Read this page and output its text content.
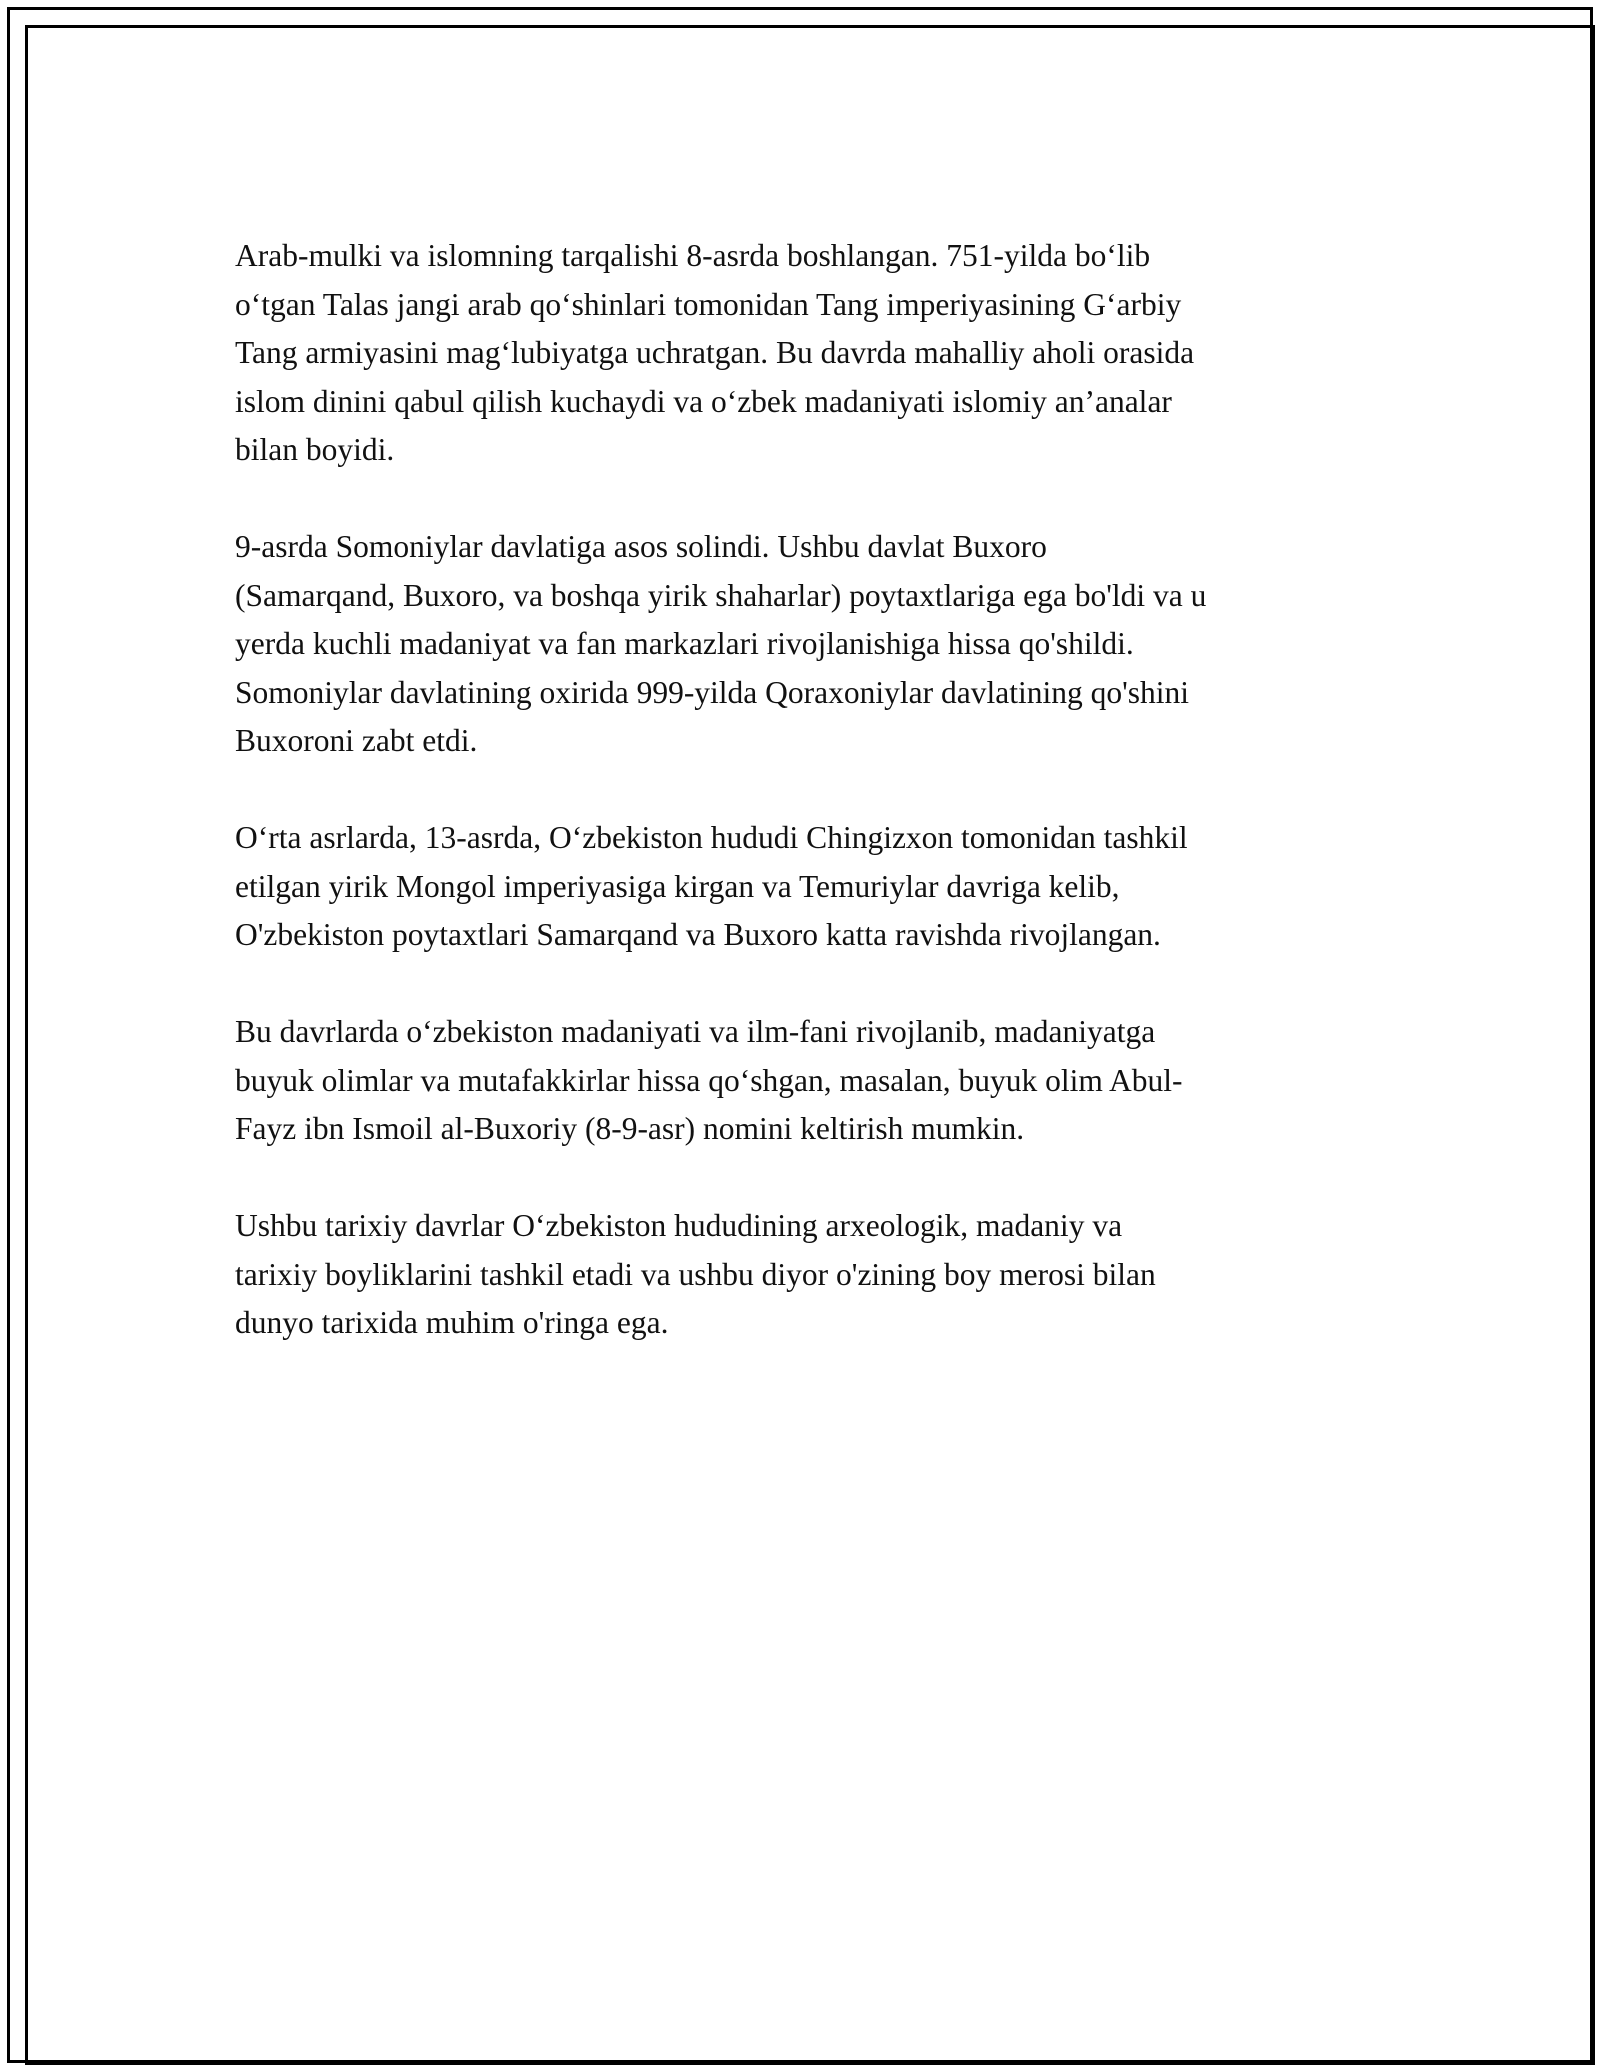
Arab-mulki va islomning tarqalishi 8-asrda boshlangan. 751-yilda bo‘lib
o‘tgan Talas jangi arab qo‘shinlari tomonidan Tang imperiyasining G‘arbiy
Tang armiyasini mag‘lubiyatga uchratgan. Bu davrda mahalliy aholi orasida
islom dinini qabul qilish kuchaydi va o‘zbek madaniyati islomiy an’analar
bilan boyidi.

9-asrda Somoniylar davlatiga asos solindi. Ushbu davlat Buxoro
(Samarqand, Buxoro, va boshqa yirik shaharlar) poytaxtlariga ega bo'ldi va u
yerda kuchli madaniyat va fan markazlari rivojlanishiga hissa qo'shildi.
Somoniylar davlatining oxirida 999-yilda Qoraxoniylar davlatining qo'shini
Buxoroni zabt etdi.

O‘rta asrlarda, 13-asrda, O‘zbekiston hududi Chingizxon tomonidan tashkil
etilgan yirik Mongol imperiyasiga kirgan va Temuriylar davriga kelib,
O'zbekiston poytaxtlari Samarqand va Buxoro katta ravishda rivojlangan.

Bu davrlarda o‘zbekiston madaniyati va ilm-fani rivojlanib, madaniyatga
buyuk olimlar va mutafakkirlar hissa qo‘shgan, masalan, buyuk olim Abul-
Fayz ibn Ismoil al-Buxoriy (8-9-asr) nomini keltirish mumkin.

Ushbu tarixiy davrlar O‘zbekiston hududining arxeologik, madaniy va
tarixiy boyliklarini tashkil etadi va ushbu diyor o'zining boy merosi bilan
dunyo tarixida muhim o'ringa ega.
